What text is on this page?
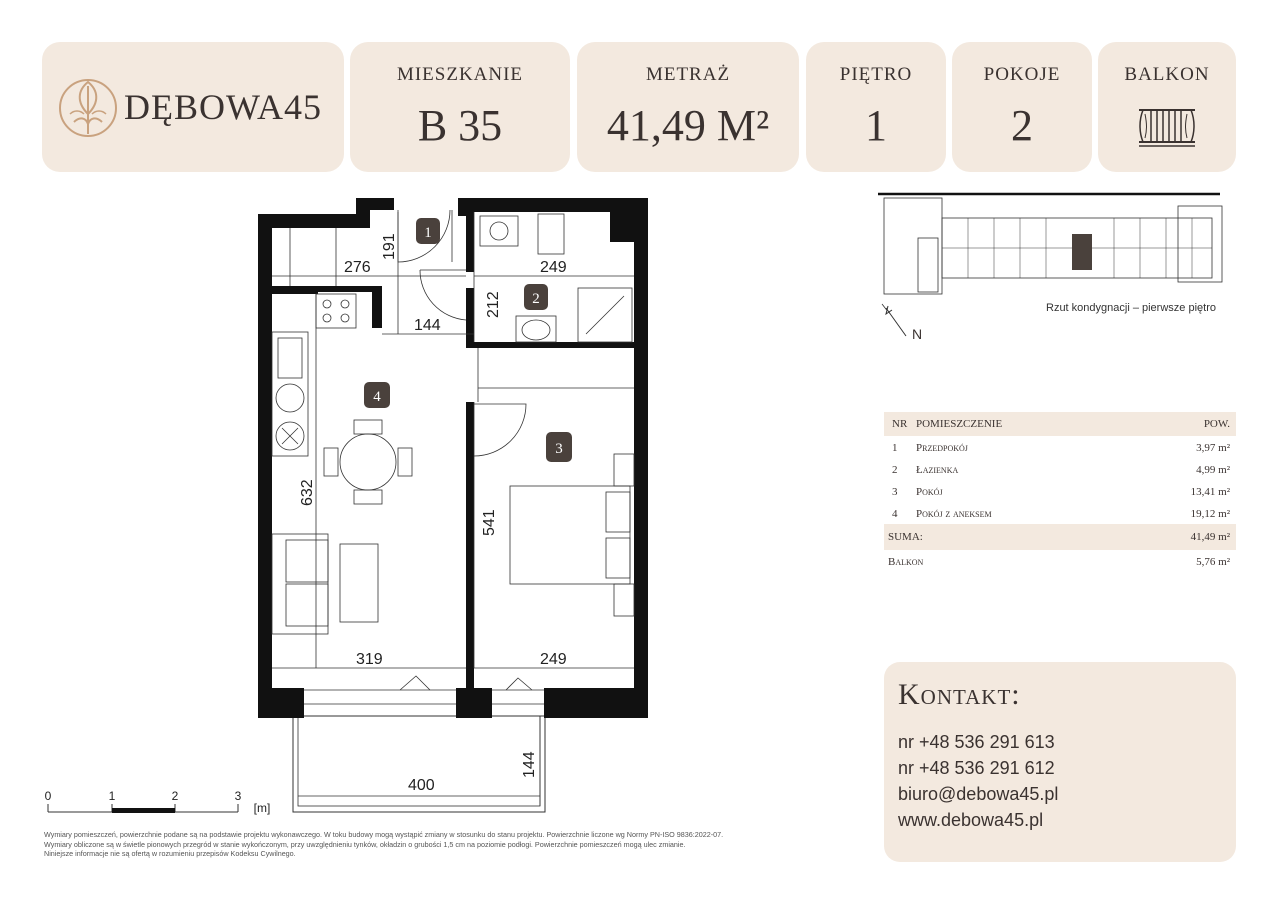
DĘBOWA45
MIESZKANIE
B 35
METRAŻ
41,49 M²
PIĘTRO
1
POKOJE
2
BALKON
1
2
3
4
191
276	249
212
144
632
541
319	249
400
144
0	1	2	3
[m]
Rzut kondygnacji – pierwsze piętro
N
NR POMIESZCZENIE	POW.
1 Przedpokój	3,97 m²
2 Łazienka	4,99 m²
3 Pokój	13,41 m²
4 Pokój z aneksem	19,12 m²
SUMA:	41,49 m²
Balkon	5,76 m²
Kontakt:
nr +48 536 291 613
nr +48 536 291 612
biuro@debowa45.pl
www.debowa45.pl
Wymiary pomieszczeń, powierzchnie podane są na podstawie projektu wykonawczego. W toku budowy mogą wystąpić zmiany w stosunku do stanu projektu. Powierzchnie liczone wg Normy PN-ISO 9836:2022-07.
Wymiary obliczone są w świetle pionowych przegród w stanie wykończonym, przy uwzględnieniu tynków, okładzin o grubości 1,5 cm na poziomie podłogi. Powierzchnie pomieszczeń mogą ulec zmianie.
Niniejsze informacje nie są ofertą w rozumieniu przepisów Kodeksu Cywilnego.
